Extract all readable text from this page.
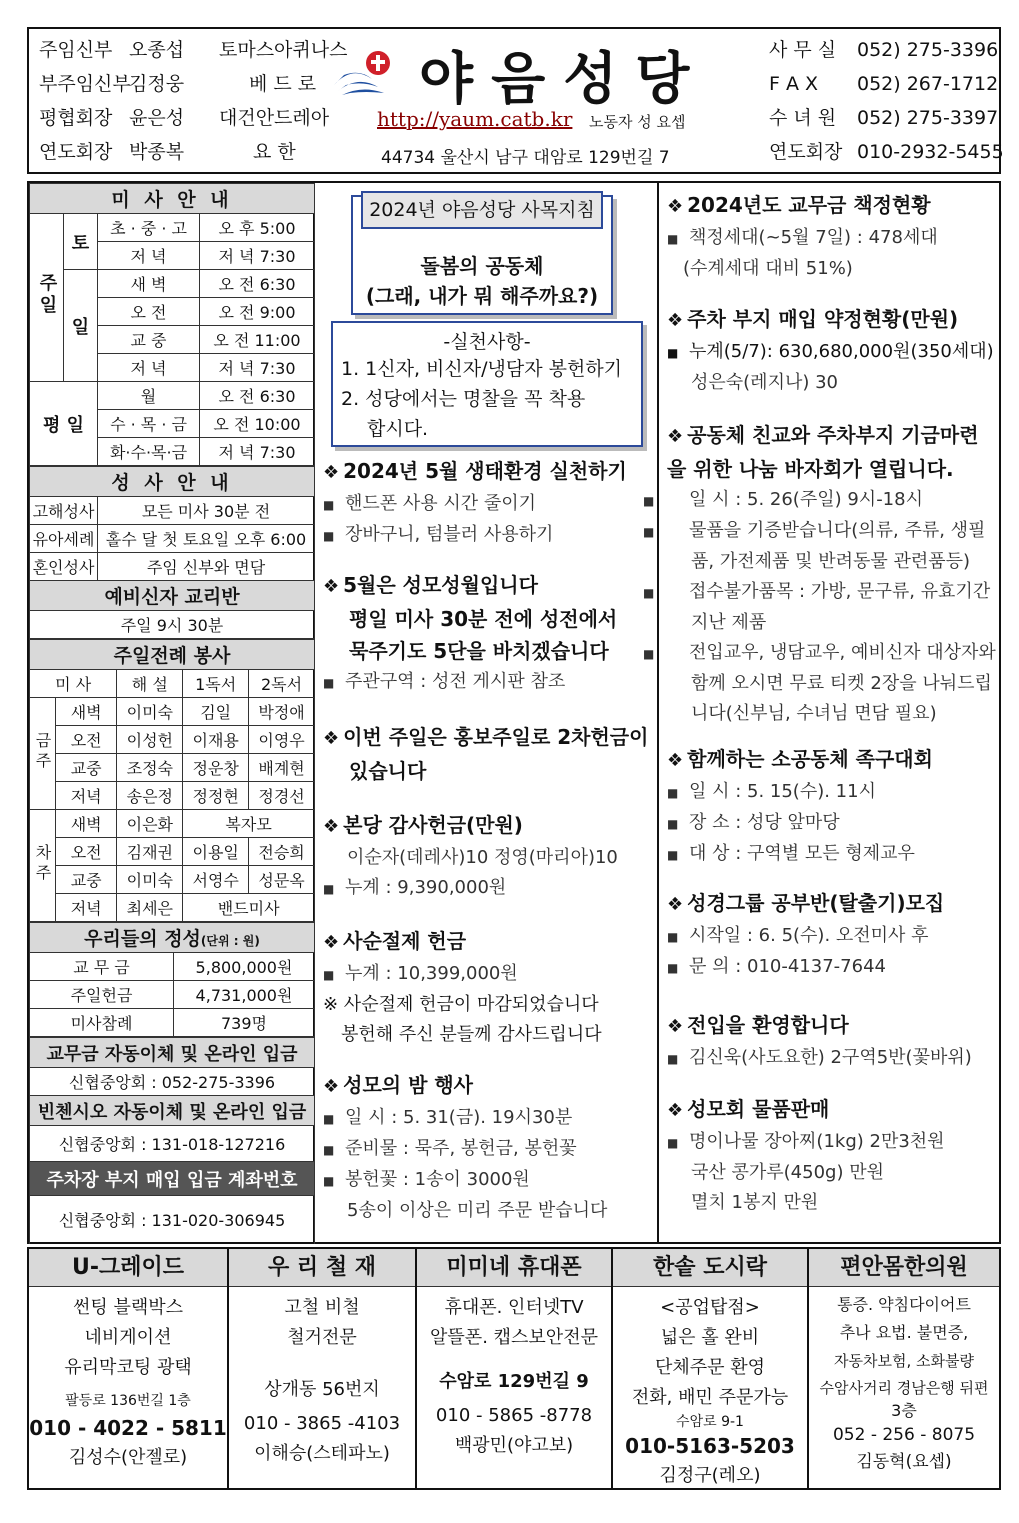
주임신부 오종섭 토마스아퀴나스
부주임신부김정웅	베 드 로
평협회장 윤은성 대건안드레아
연도회장 박종복	요 한
야음성당
http://yaum.catb.kr 노동자 성 요셉
44734 울산시 남구 대암로 129번길 7
사 무 실 052) 275-3396
F A X 052) 267-1712
수 녀 원 052) 275-3397
연도회장 010-2932-5455
미 사 안 내			
주일	토	초 · 중 · 고	오 후 5:00
		저 녁	저 녁 7:30
	일	새 벽	오 전 6:30
		오 전	오 전 9:00
		교 중	오 전 11:00
		저 녁	저 녁 7:30
평 일		월	오 전 6:30
		수 · 목 · 금	오 전 10:00
		화·수·목·금	저 녁 7:30
성 사 안 내	
고해성사	모든 미사 30분 전
유아세례	홀수 달 첫 토요일 오후 6:00
혼인성사	주임 신부와 면담
예비신자 교리반	
주일 9시 30분	
주일전례 봉사				
미 사		해 설	1독서	2독서
금주	새벽	이미숙	김일	박정애
	오전	이성헌	이재용	이영우
	교중	조정숙	정운창	배계현
	저녁	송은정	정정현	정경선
차주	새벽	이은화	복자모	
	오전	김재권	이용일	전승희
	교중	이미숙	서영수	성문옥
	저녁	최세은	밴드미사	
우리들의 정성(단위 : 원)	
교 무 금	5,800,000원
주일헌금	4,731,000원
미사참례	739명
교무금 자동이체 및 온라인 입금
신협중앙회 : 052-275-3396
빈첸시오 자동이체 및 온라인 입금
신협중앙회 : 131-018-127216
주차장 부지 매입 입금 계좌번호
신협중앙회 : 131-020-306945
2024년 야음성당 사목지침
돌봄의 공동체
(그래, 내가 뭐 해주까요?)
-실천사항-
1. 1신자, 비신자/냉담자 봉헌하기
2. 성당에서는 명찰을 꼭 착용
합시다.
❖ 2024년 5월 생태환경 실천하기
■ 핸드폰 사용 시간 줄이기
■ 장바구니, 텀블러 사용하기
❖ 5월은 성모성월입니다
평일 미사 30분 전에 성전에서
묵주기도 5단을 바치겠습니다
■ 주관구역 : 성전 게시판 참조
❖ 이번 주일은 홍보주일로 2차헌금이
있습니다
❖ 본당 감사헌금(만원)
이순자(데레사)10 정영(마리아)10
■ 누계 : 9,390,000원
❖ 사순절제 헌금
■ 누계 : 10,399,000원
※ 사순절제 헌금이 마감되었습니다
봉헌해 주신 분들께 감사드립니다
❖ 성모의 밤 행사
■ 일 시 : 5. 31(금). 19시30분
■ 준비물 : 묵주, 봉헌금, 봉헌꽃
■ 봉헌꽃 : 1송이 3000원
5송이 이상은 미리 주문 받습니다
❖ 2024년도 교무금 책정현황
■ 책정세대(~5월 7일) : 478세대
(수계세대 대비 51%)
❖ 주차 부지 매입 약정현황(만원)
■ 누계(5/7): 630,680,000원(350세대)
성은숙(레지나) 30
❖ 공동체 친교와 주차부지 기금마련
을 위한 나눔 바자회가 열립니다.
■ 일 시 : 5. 26(주일) 9시-18시
■ 물품을 기증받습니다(의류, 주류, 생필품, 가전제품 및 반려동물 관련품등)
■ 접수불가품목 : 가방, 문구류, 유효기간 지난 제품
■ 전입교우, 냉담교우, 예비신자 대상자와 함께 오시면 무료 티켓 2장을 나눠드립니다(신부님, 수녀님 면담 필요)
❖ 함께하는 소공동체 족구대회
■ 일 시 : 5. 15(수). 11시
■ 장 소 : 성당 앞마당
■ 대 상 : 구역별 모든 형제교우
❖ 성경그룹 공부반(탈출기)모집
■ 시작일 : 6. 5(수). 오전미사 후
■ 문 의 : 010-4137-7644
❖ 전입을 환영합니다
■ 김신욱(사도요한) 2구역5반(꽃바위)
❖ 성모회 물품판매
■ 명이나물 장아찌(1kg) 2만3천원
국산 콩가루(450g) 만원
멸치 1봉지 만원
U-그레이드
썬팅 블랙박스
네비게이션
유리막코팅 광택
팔등로 136번길 1층
010 - 4022 - 5811
김성수(안젤로)
우 리 철 재
고철 비철
철거전문
상개동 56번지
010 - 3865 -4103
이해승(스테파노)
미미네 휴대폰
휴대폰. 인터넷TV
알뜰폰. 캡스보안전문
수암로 129번길 9
010 - 5865 -8778
백광민(야고보)
한솥 도시락
<공업탑점>
넓은 홀 완비
단체주문 환영
전화, 배민 주문가능
수암로 9-1
010-5163-5203
김정구(레오)
편안몸한의원
통증. 약침다이어트
추나 요법. 불면증,
자동차보험, 소화불량
수암사거리 경남은행 뒤편
3층
052 - 256 - 8075
김동혁(요셉)
